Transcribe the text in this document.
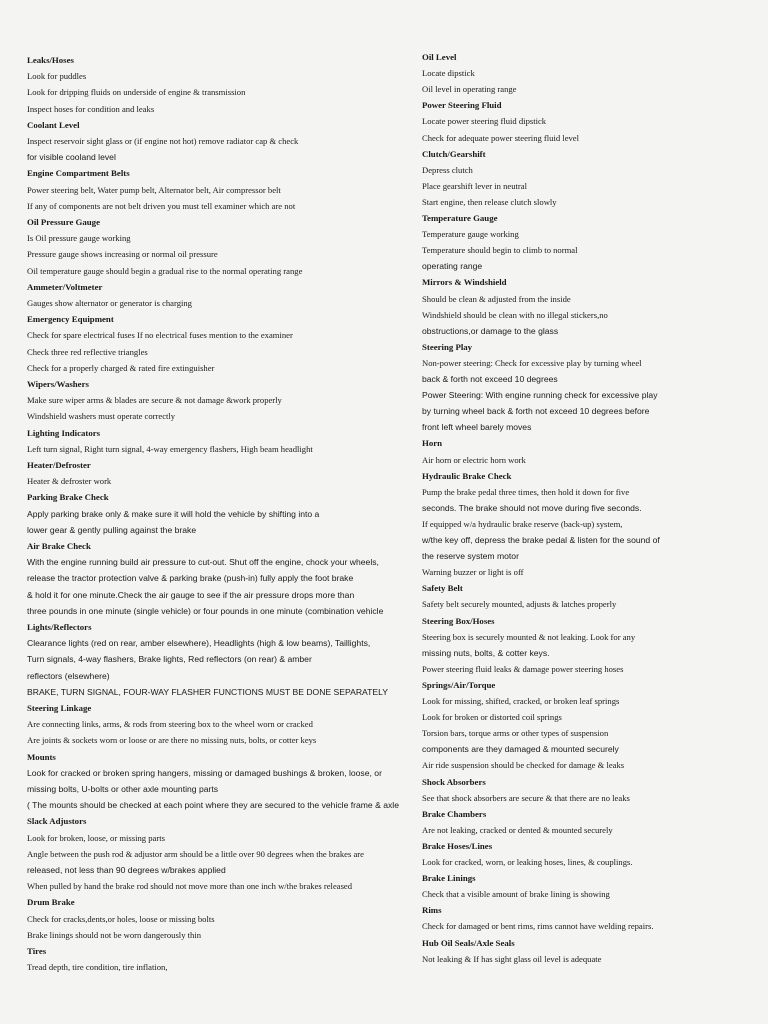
Leaks/Hoses
Look for puddles
Look for dripping fluids on underside of engine & transmission
Inspect hoses for condition and leaks
Coolant Level
Inspect reservoir sight glass or (if engine not hot) remove radiator cap & check
for visible cooland level
Engine Compartment Belts
Power steering belt, Water pump belt, Alternator belt, Air compressor belt
If any of components are not belt driven you must tell examiner which are not
Oil Pressure Gauge
Is Oil pressure gauge working
Pressure gauge shows increasing or normal oil pressure
Oil temperature gauge should begin a gradual rise to the normal operating range
Ammeter/Voltmeter
Gauges show alternator or generator is charging
Emergency Equipment
Check for spare electrical fuses If no electrical fuses mention to the examiner
Check three red reflective triangles
Check for a properly charged & rated fire extinguisher
Wipers/Washers
Make sure wiper arms & blades are secure & not damage &work properly
Windshield washers must operate correctly
Lighting Indicators
Left turn signal, Right turn signal, 4-way emergency flashers, High beam headlight
Heater/Defroster
Heater & defroster work
Parking Brake Check
Apply parking brake only & make sure it will hold the vehicle by shifting into a
lower gear & gently pulling against the brake
Air Brake Check
With the engine running build air pressure to cut-out. Shut off the engine, chock your wheels,
release the tractor protection valve & parking brake (push-in) fully apply the foot brake
& hold it for one minute.Check the air gauge to see if the air pressure drops more than
three pounds in one minute (single vehicle) or four pounds in one minute (combination vehicle
Lights/Reflectors
Clearance lights (red on rear, amber elsewhere), Headlights (high & low beams), Taillights,
Turn signals, 4-way flashers, Brake lights, Red reflectors (on rear) & amber
reflectors (elsewhere)
BRAKE, TURN SIGNAL, FOUR-WAY FLASHER FUNCTIONS MUST BE DONE SEPARATELY
Steering Linkage
Are connecting links, arms, & rods from steering box to the wheel worn or cracked
Are joints & sockets worn or loose or are there no missing nuts, bolts, or cotter keys
Mounts
Look for cracked or broken spring hangers, missing or damaged bushings & broken, loose, or
missing bolts, U-bolts or other axle mounting parts
( The mounts should be checked at each point where they are secured to the vehicle frame & axle
Slack Adjustors
Look for broken, loose, or missing parts
Angle between the push rod & adjustor arm should be a little over 90 degrees when the brakes are
released, not less than 90 degrees w/brakes applied
When pulled by hand the brake rod should not move more than one inch w/the brakes released
Drum Brake
Check for cracks,dents,or holes, loose or missing bolts
Brake linings should not be worn dangerously thin
Tires
Tread depth, tire condition, tire inflation,
Oil Level
Locate dipstick
Oil level in operating range
Power Steering Fluid
Locate power steering fluid dipstick
Check for adequate power steering fluid level
Clutch/Gearshift
Depress clutch
Place gearshift lever in neutral
Start engine, then release clutch slowly
Temperature Gauge
Temperature gauge working
Temperature should begin to climb to normal
operating range
Mirrors & Windshield
Should be clean & adjusted from the inside
Windshield should be clean with no illegal stickers,no
obstructions,or damage to the glass
Steering Play
Non-power steering: Check for excessive play by turning wheel
back & forth not exceed 10 degrees
Power Steering: With engine running check for excessive play
by turning wheel back & forth not exceed 10 degrees before
front left wheel barely moves
Horn
Air horn or electric horn work
Hydraulic Brake Check
Pump the brake pedal three times, then hold it down for five
seconds. The brake should not move during five seconds.
If equipped w/a hydraulic brake reserve (back-up) system,
w/the key off, depress the brake pedal & listen for the sound of
the reserve system motor
Warning buzzer or light is off
Safety Belt
Safety belt securely mounted, adjusts & latches properly
Steering Box/Hoses
Steering box is securely mounted & not leaking. Look for any
missing nuts, bolts, & cotter keys.
Power steering fluid leaks & damage power steering hoses
Springs/Air/Torque
Look for missing, shifted, cracked, or broken leaf springs
Look for broken or distorted coil springs
Torsion bars, torque arms or other types of suspension
components are they damaged & mounted securely
Air ride suspension should be checked for damage & leaks
Shock Absorbers
See that shock absorbers are secure & that there are no leaks
Brake Chambers
Are not leaking, cracked or dented & mounted securely
Brake Hoses/Lines
Look for cracked, worn, or leaking hoses, lines, & couplings.
Brake Linings
Check that a visible amount of brake lining is showing
Rims
Check for damaged or bent rims, rims cannot have welding repairs.
Hub Oil Seals/Axle Seals
Not leaking & If has sight glass oil level is adequate
